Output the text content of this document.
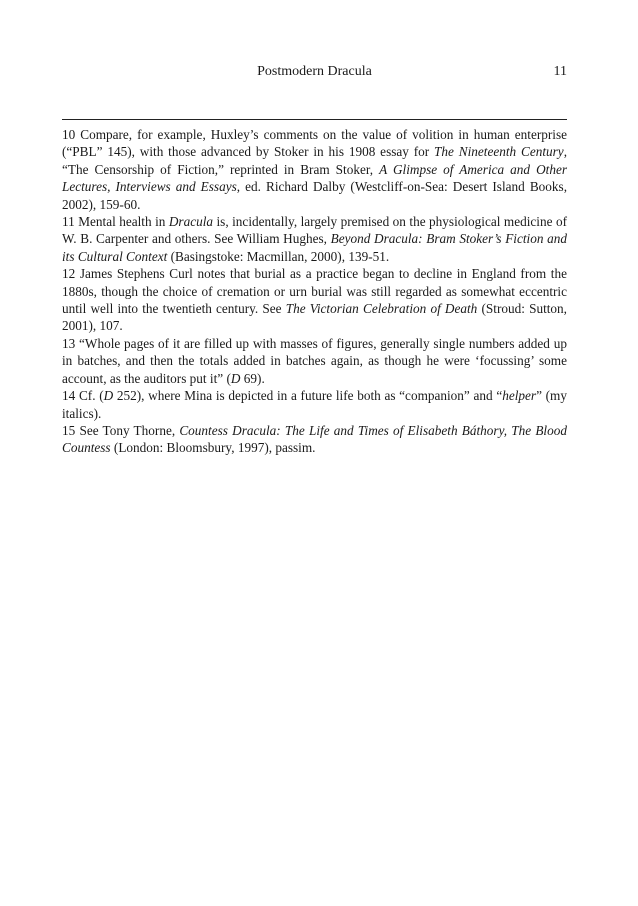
Postmodern Dracula	11

10 Compare, for example, Huxley’s comments on the value of volition in human enterprise (“PBL” 145), with those advanced by Stoker in his 1908 essay for The Nineteenth Century, “The Censorship of Fiction,” reprinted in Bram Stoker, A Glimpse of America and Other Lectures, Interviews and Essays, ed. Richard Dalby (Westcliff-on-Sea: Desert Island Books, 2002), 159-60.

11 Mental health in Dracula is, incidentally, largely premised on the physiological medicine of W. B. Carpenter and others. See William Hughes, Beyond Dracula: Bram Stoker’s Fiction and its Cultural Context (Basingstoke: Macmillan, 2000), 139-51.

12 James Stephens Curl notes that burial as a practice began to decline in England from the 1880s, though the choice of cremation or urn burial was still regarded as somewhat eccentric until well into the twentieth century. See The Victorian Celebration of Death (Stroud: Sutton, 2001), 107.

13 “Whole pages of it are filled up with masses of figures, generally single numbers added up in batches, and then the totals added in batches again, as though he were ‘focussing’ some account, as the auditors put it” (D 69).

14 Cf. (D 252), where Mina is depicted in a future life both as “companion” and “helper” (my italics).

15 See Tony Thorne, Countess Dracula: The Life and Times of Elisabeth Báthory, The Blood Countess (London: Bloomsbury, 1997), passim.
